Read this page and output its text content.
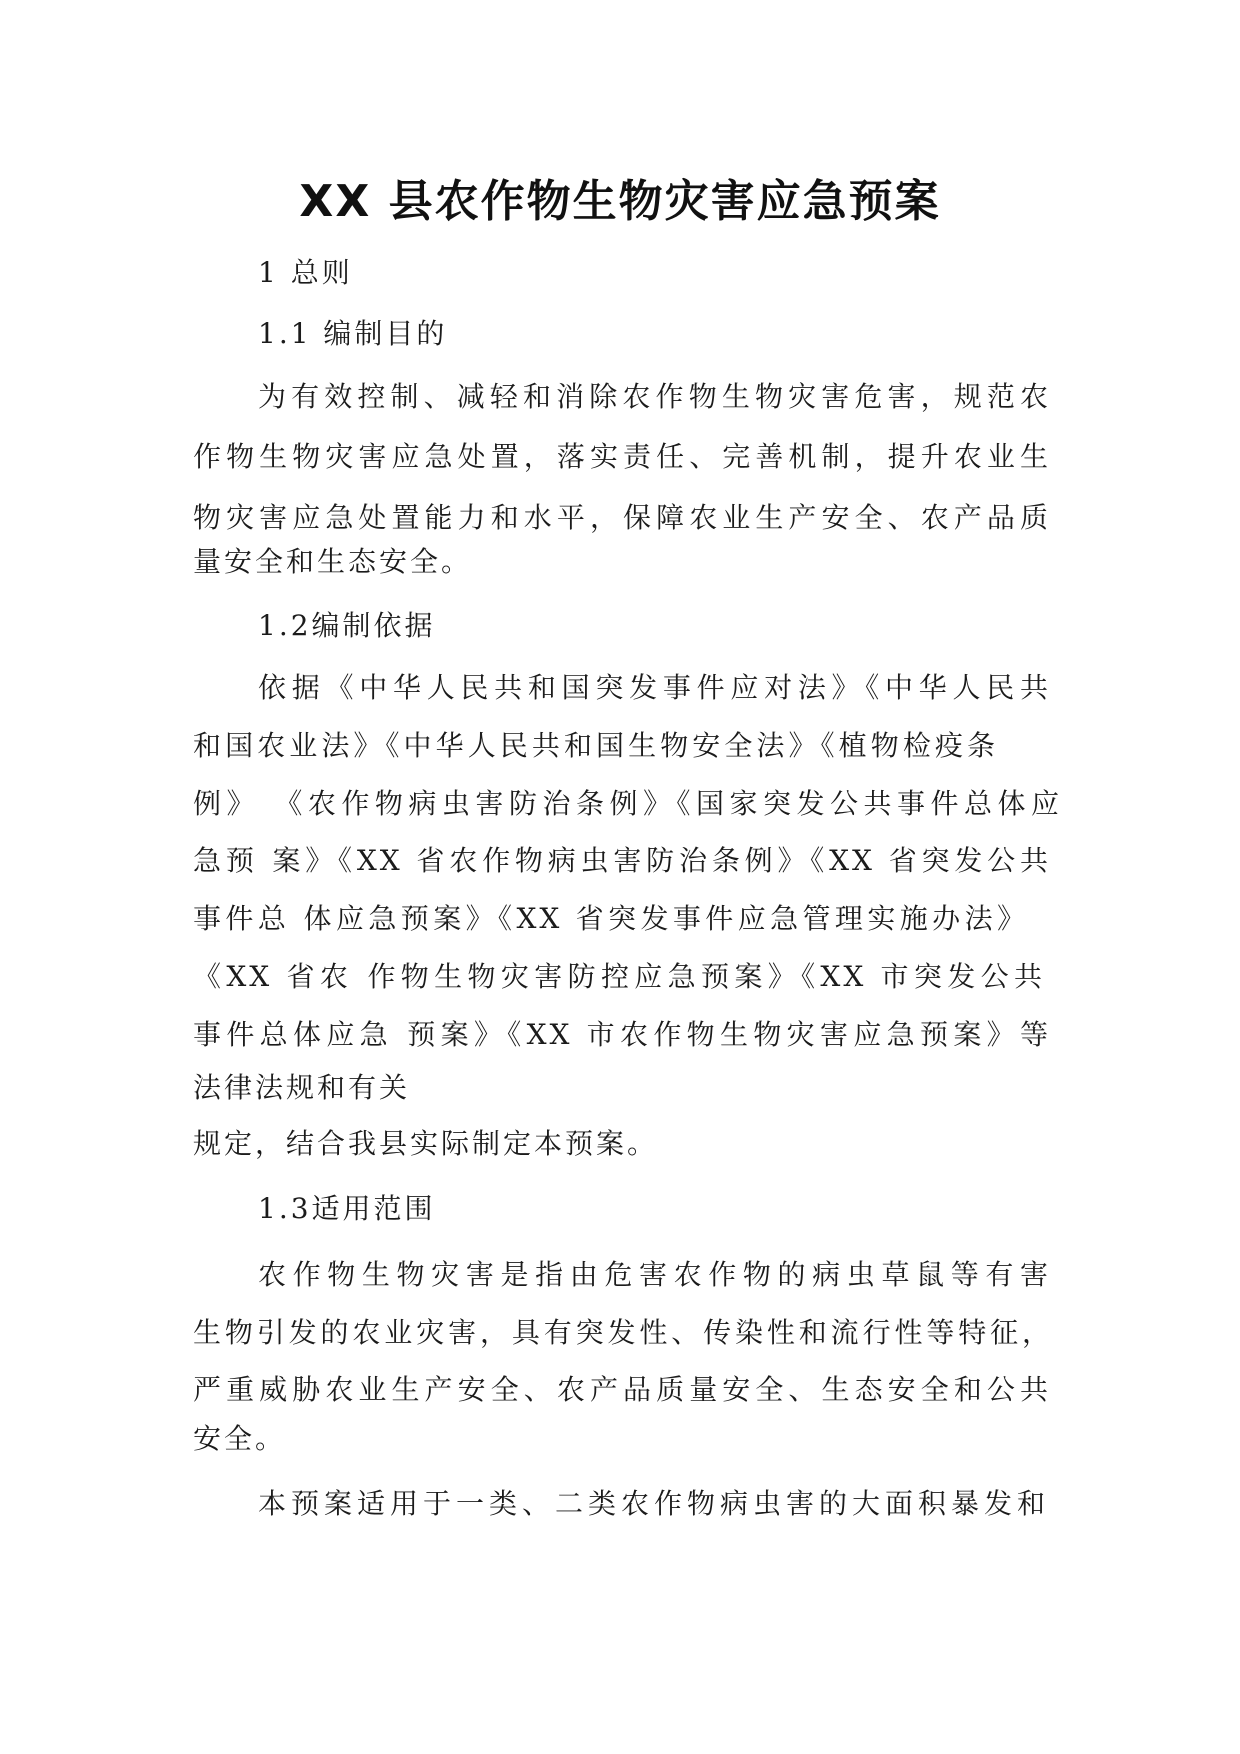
XX 县农作物生物灾害应急预案
1 总则
1.1 编制目的
为有效控制、减轻和消除农作物生物灾害危害，规范农
作物生物灾害应急处置，落实责任、完善机制，提升农业生
物灾害应急处置能力和水平，保障农业生产安全、农产品质
量安全和生态安全。
1.2编制依据
依据《中华人民共和国突发事件应对法》《中华人民共
和国农业法》《中华人民共和国生物安全法》《植物检疫条
例》 《农作物病虫害防治条例》《国家突发公共事件总体应
急预 案》《XX 省农作物病虫害防治条例》《XX 省突发公共
事件总 体应急预案》《XX 省突发事件应急管理实施办法》
《XX 省农 作物生物灾害防控应急预案》《XX 市突发公共
事件总体应急 预案》《XX 市农作物生物灾害应急预案》等
法律法规和有关
规定，结合我县实际制定本预案。
1.3适用范围
农作物生物灾害是指由危害农作物的病虫草鼠等有害
生物引发的农业灾害，具有突发性、传染性和流行性等特征，
严重威胁农业生产安全、农产品质量安全、生态安全和公共
安全。
本预案适用于一类、二类农作物病虫害的大面积暴发和
